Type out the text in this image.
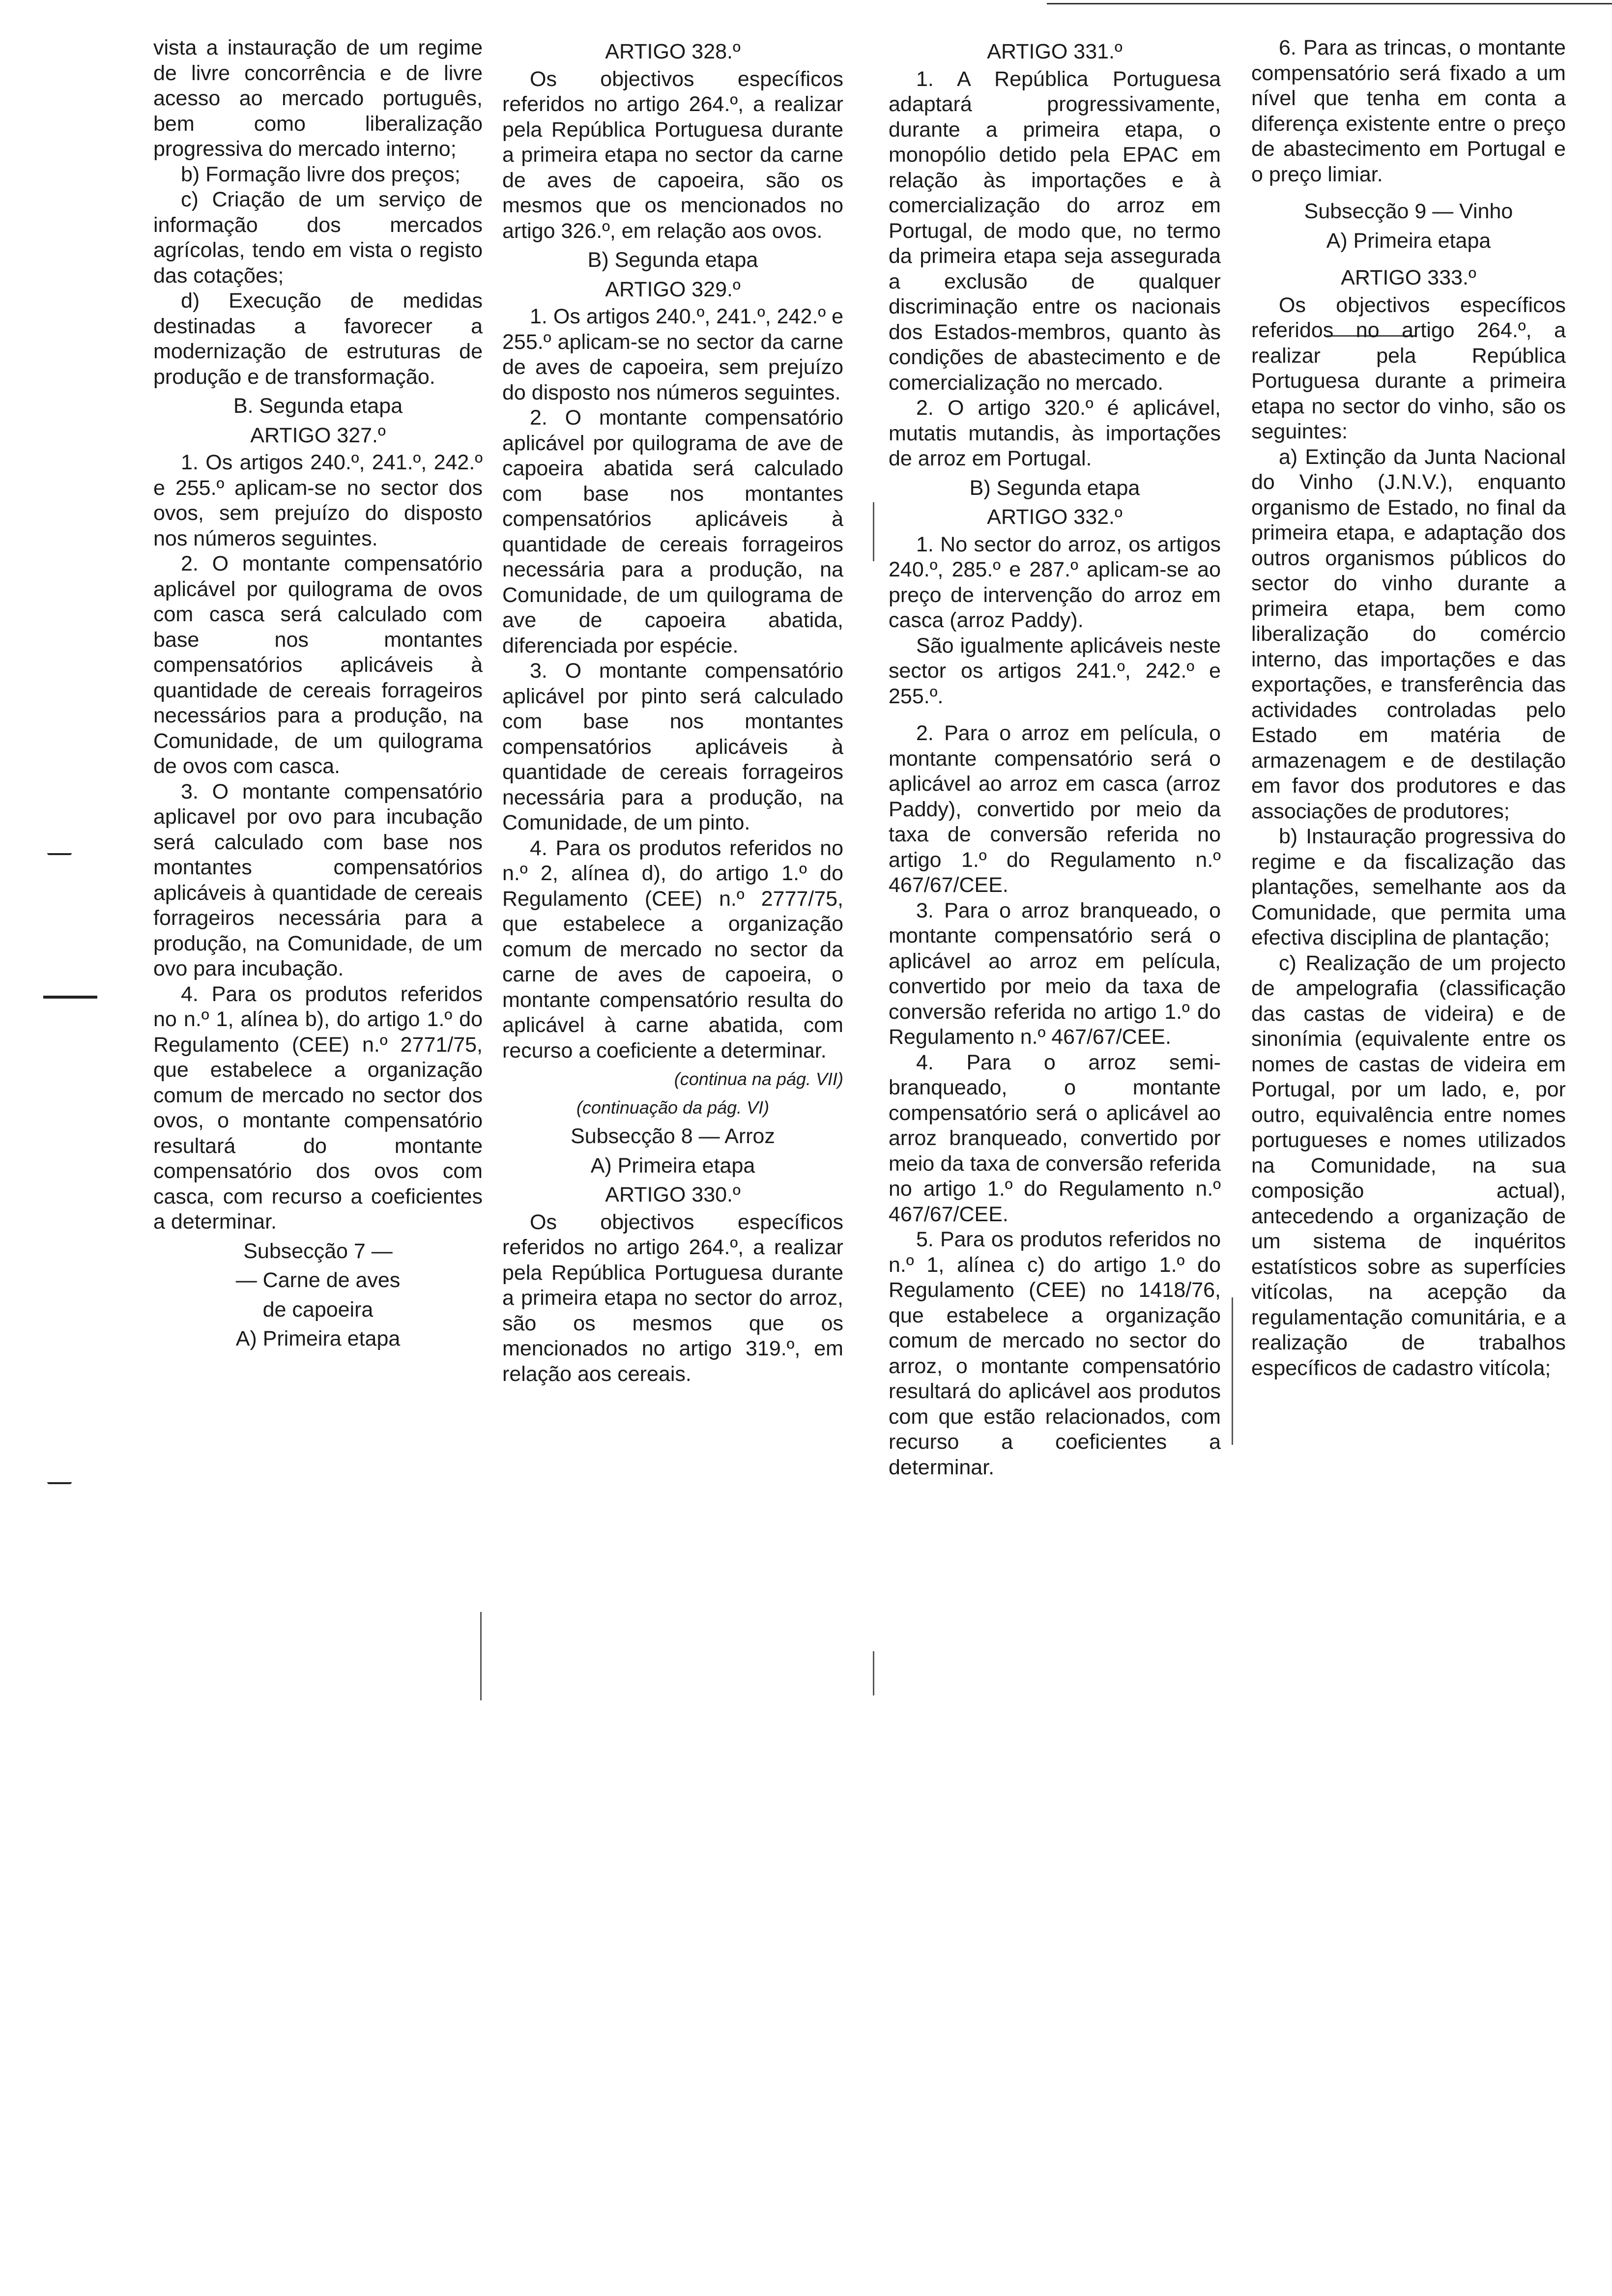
vista a instauração de um regime de livre concorrência e de livre acesso ao mercado português, bem como liberalização progressiva do mercado interno;

b) Formação livre dos preços;

c) Criação de um serviço de informação dos mercados agrícolas, tendo em vista o registo das cotações;

d) Execução de medidas destinadas a favorecer a modernização de estruturas de produção e de transformação.

B. Segunda etapa

ARTIGO 327.º

1. Os artigos 240.º, 241.º, 242.º e 255.º aplicam-se no sector dos ovos, sem prejuízo do disposto nos números seguintes.

2. O montante compensatório aplicável por quilograma de ovos com casca será calculado com base nos montantes compensatórios aplicáveis à quantidade de cereais forrageiros necessários para a produção, na Comunidade, de um quilograma de ovos com casca.

3. O montante compensatório aplicavel por ovo para incubação será calculado com base nos montantes compensatórios aplicáveis à quantidade de cereais forrageiros necessária para a produção, na Comunidade, de um ovo para incubação.

4. Para os produtos referidos no n.º 1, alínea b), do artigo 1.º do Regulamento (CEE) n.º 2771/75, que estabelece a organização comum de mercado no sector dos ovos, o montante compensatório resultará do montante compensatório dos ovos com casca, com recurso a coeficientes a determinar.

Subsecção 7 —

— Carne de aves

de capoeira

A) Primeira etapa

ARTIGO 328.º

Os objectivos específicos referidos no artigo 264.º, a realizar pela República Portuguesa durante a primeira etapa no sector da carne de aves de capoeira, são os mesmos que os mencionados no artigo 326.º, em relação aos ovos.

B) Segunda etapa

ARTIGO 329.º

1. Os artigos 240.º, 241.º, 242.º e 255.º aplicam-se no sector da carne de aves de capoeira, sem prejuízo do disposto nos números seguintes.

2. O montante compensatório aplicável por quilograma de ave de capoeira abatida será calculado com base nos montantes compensatórios aplicáveis à quantidade de cereais forrageiros necessária para a produção, na Comunidade, de um quilograma de ave de capoeira abatida, diferenciada por espécie.

3. O montante compensatório aplicável por pinto será calculado com base nos montantes compensatórios aplicáveis à quantidade de cereais forrageiros necessária para a produção, na Comunidade, de um pinto.

4. Para os produtos referidos no n.º 2, alínea d), do artigo 1.º do Regulamento (CEE) n.º 2777/75, que estabelece a organização comum de mercado no sector da carne de aves de capoeira, o montante compensatório resulta do aplicável à carne abatida, com recurso a coeficiente a determinar.

(continua na pág. VII)

(continuação da pág. VI)

Subsecção 8 — Arroz

A) Primeira etapa

ARTIGO 330.º

Os objectivos específicos referidos no artigo 264.º, a realizar pela República Portuguesa durante a primeira etapa no sector do arroz, são os mesmos que os mencionados no artigo 319.º, em relação aos cereais.

ARTIGO 331.º

1. A República Portuguesa adaptará progressivamente, durante a primeira etapa, o monopólio detido pela EPAC em relação às importações e à comercialização do arroz em Portugal, de modo que, no termo da primeira etapa seja assegurada a exclusão de qualquer discriminação entre os nacionais dos Estados-membros, quanto às condições de abastecimento e de comercialização no mercado.

2. O artigo 320.º é aplicável, mutatis mutandis, às importações de arroz em Portugal.

B) Segunda etapa

ARTIGO 332.º

1. No sector do arroz, os artigos 240.º, 285.º e 287.º aplicam-se ao preço de intervenção do arroz em casca (arroz Paddy).

São igualmente aplicáveis neste sector os artigos 241.º, 242.º e 255.º.

2. Para o arroz em película, o montante compensatório será o aplicável ao arroz em casca (arroz Paddy), convertido por meio da taxa de conversão referida no artigo 1.º do Regulamento n.º 467/67/CEE.

3. Para o arroz branqueado, o montante compensatório será o aplicável ao arroz em película, convertido por meio da taxa de conversão referida no artigo 1.º do Regulamento n.º 467/67/CEE.

4. Para o arroz semi-branqueado, o montante compensatório será o aplicável ao arroz branqueado, convertido por meio da taxa de conversão referida no artigo 1.º do Regulamento n.º 467/67/CEE.

5. Para os produtos referidos no n.º 1, alínea c) do artigo 1.º do Regulamento (CEE) no 1418/76, que estabelece a organização comum de mercado no sector do arroz, o montante compensatório resultará do aplicável aos produtos com que estão relacionados, com recurso a coeficientes a determinar.

6. Para as trincas, o montante compensatório será fixado a um nível que tenha em conta a diferença existente entre o preço de abastecimento em Portugal e o preço limiar.

Subsecção 9 — Vinho

A) Primeira etapa

ARTIGO 333.º

Os objectivos específicos referidos no artigo 264.º, a realizar pela República Portuguesa durante a primeira etapa no sector do vinho, são os seguintes:

a) Extinção da Junta Nacional do Vinho (J.N.V.), enquanto organismo de Estado, no final da primeira etapa, e adaptação dos outros organismos públicos do sector do vinho durante a primeira etapa, bem como liberalização do comércio interno, das importações e das exportações, e transferência das actividades controladas pelo Estado em matéria de armazenagem e de destilação em favor dos produtores e das associações de produtores;

b) Instauração progressiva do regime e da fiscalização das plantações, semelhante aos da Comunidade, que permita uma efectiva disciplina de plantação;

c) Realização de um projecto de ampelografia (classificação das castas de videira) e de sinonímia (equivalente entre os nomes de castas de videira em Portugal, por um lado, e, por outro, equivalência entre nomes portugueses e nomes utilizados na Comunidade, na sua composição actual), antecedendo a organização de um sistema de inquéritos estatísticos sobre as superfícies vitícolas, na acepção da regulamentação comunitária, e a realização de trabalhos específicos de cadastro vitícola;
